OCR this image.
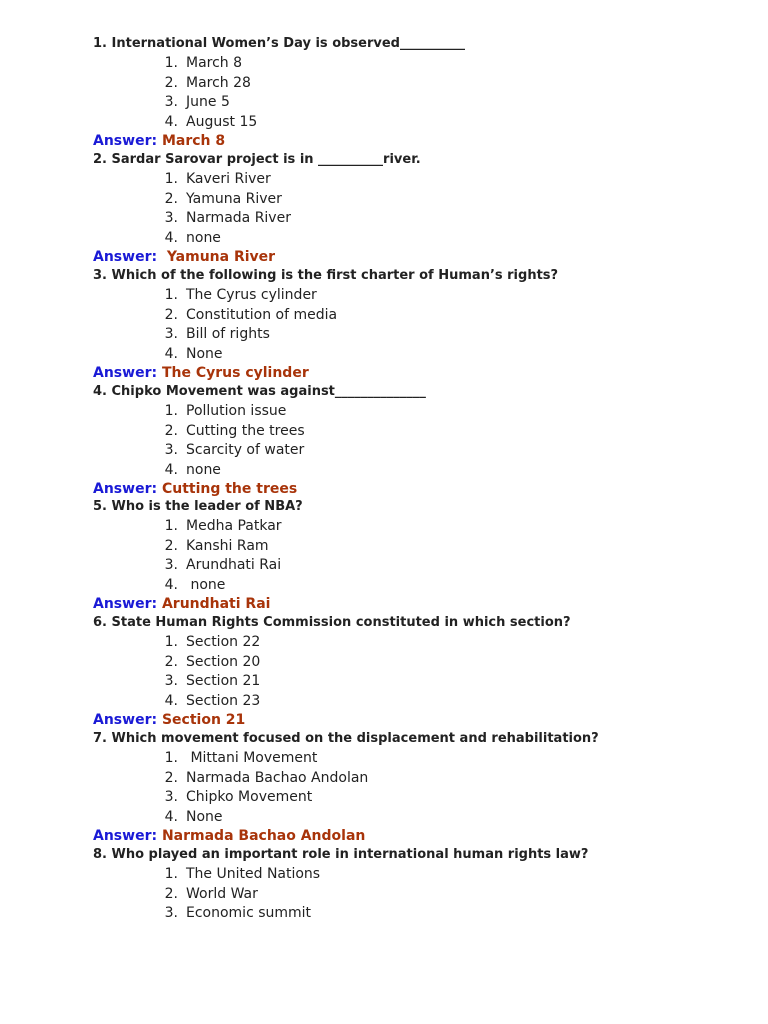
1. International Women’s Day is observed__________
1. March 8
2. March 28
3. June 5
4. August 15
Answer: March 8
2. Sardar Sarovar project is in __________river.
1. Kaveri River
2. Yamuna River
3. Narmada River
4. none
Answer:  Yamuna River
3. Which of the following is the first charter of Human’s rights?
1. The Cyrus cylinder
2. Constitution of media
3. Bill of rights
4. None
Answer: The Cyrus cylinder
4. Chipko Movement was against______________
1. Pollution issue
2. Cutting the trees
3. Scarcity of water
4. none
Answer: Cutting the trees
5. Who is the leader of NBA?
1. Medha Patkar
2. Kanshi Ram
3. Arundhati Rai
4. none
Answer: Arundhati Rai
6. State Human Rights Commission constituted in which section?
1. Section 22
2. Section 20
3. Section 21
4. Section 23
Answer: Section 21
7. Which movement focused on the displacement and rehabilitation?
1. Mittani Movement
2. Narmada Bachao Andolan
3. Chipko Movement
4. None
Answer: Narmada Bachao Andolan
8. Who played an important role in international human rights law?
1. The United Nations
2. World War
3. Economic summit
